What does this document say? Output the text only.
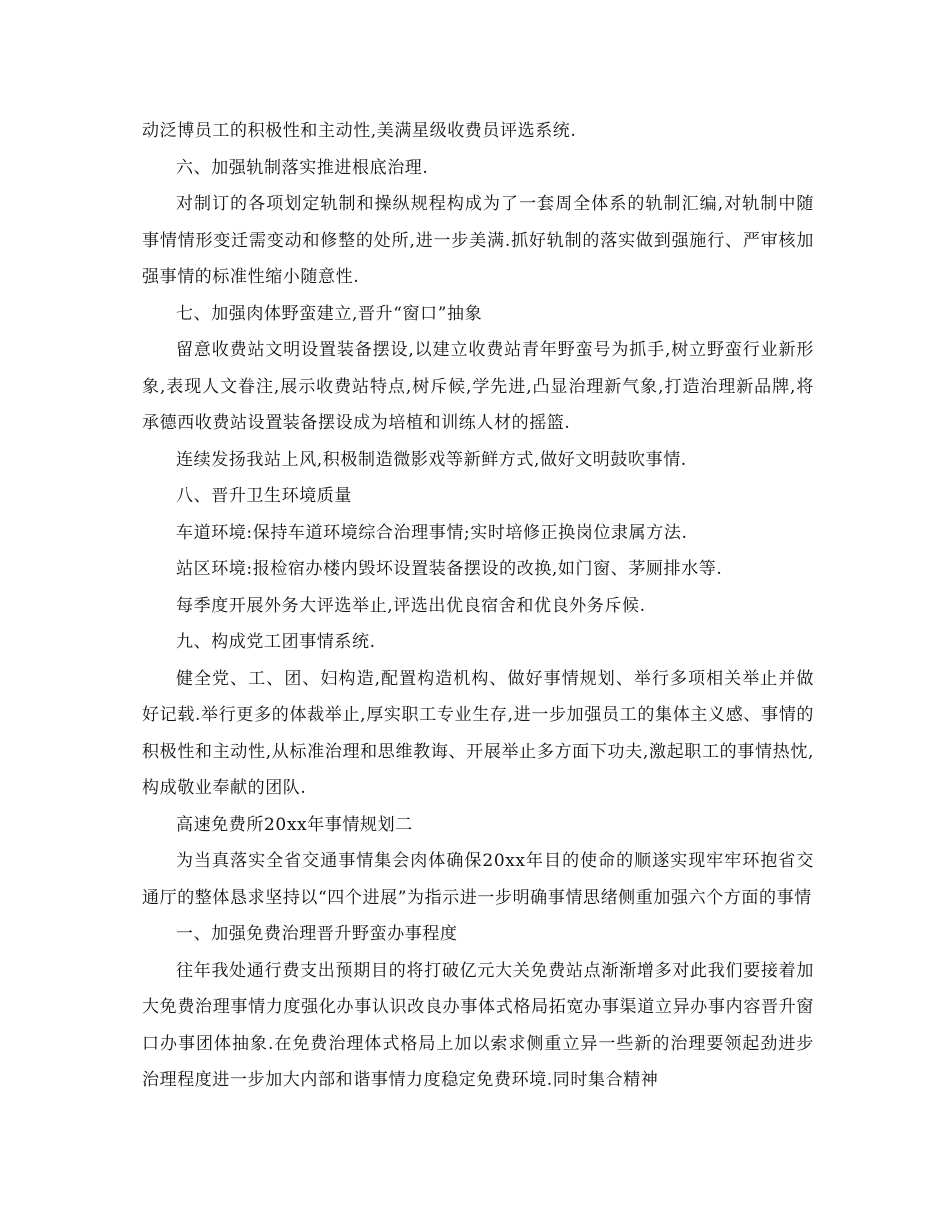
动泛博员工的积极性和主动性,美满星级收费员评选系统.

六、加强轨制落实推进根底治理.

对制订的各项划定轨制和操纵规程构成为了一套周全体系的轨制汇编,对轨制中随事情情形变迁需变动和修整的处所,进一步美满.抓好轨制的落实做到强施行、严审核加强事情的标准性缩小随意性.

七、加强肉体野蛮建立,晋升“窗口”抽象

留意收费站文明设置装备摆设,以建立收费站青年野蛮号为抓手,树立野蛮行业新形象,表现人文眷注,展示收费站特点,树斥候,学先进,凸显治理新气象,打造治理新品牌,将承德西收费站设置装备摆设成为培植和训练人材的摇篮.

连续发扬我站上风,积极制造微影戏等新鲜方式,做好文明鼓吹事情.

八、晋升卫生环境质量

车道环境:保持车道环境综合治理事情;实时培修正换岗位隶属方法.

站区环境:报检宿办楼内毁坏设置装备摆设的改换,如门窗、茅厕排水等.

每季度开展外务大评选举止,评选出优良宿舍和优良外务斥候.

九、构成党工团事情系统.

健全党、工、团、妇构造,配置构造机构、做好事情规划、举行多项相关举止并做好记载.举行更多的体裁举止,厚实职工专业生存,进一步加强员工的集体主义感、事情的积极性和主动性,从标准治理和思维教诲、开展举止多方面下功夫,激起职工的事情热忱,构成敬业奉献的团队.

高速免费所20xx年事情规划二

为当真落实全省交通事情集会肉体确保20xx年目的使命的顺遂实现牢牢环抱省交通厅的整体恳求坚持以“四个进展”为指示进一步明确事情思绪侧重加强六个方面的事情

一、加强免费治理晋升野蛮办事程度

往年我处通行费支出预期目的将打破亿元大关免费站点渐渐增多对此我们要接着加大免费治理事情力度强化办事认识改良办事体式格局拓宽办事渠道立异办事内容晋升窗口办事团体抽象.在免费治理体式格局上加以索求侧重立异一些新的治理要领起劲进步治理程度进一步加大内部和谐事情力度稳定免费环境.同时集合精神
